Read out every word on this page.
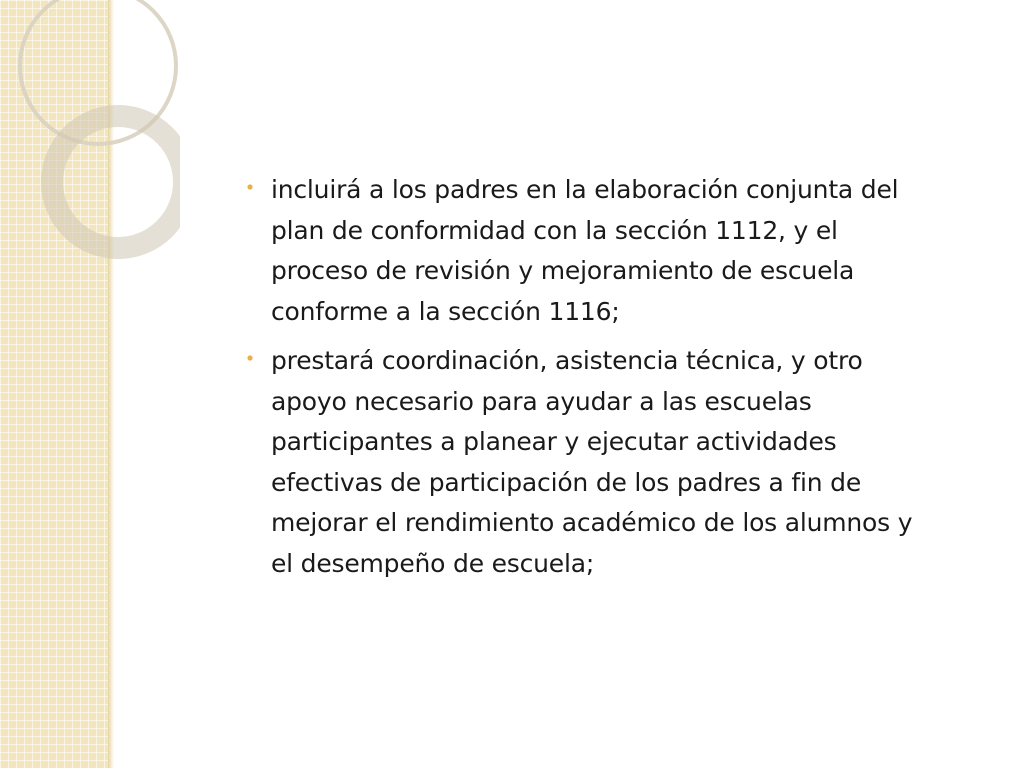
incluirá a los padres en la elaboración conjunta del
plan de conformidad con la sección 1112, y el
proceso de revisión y mejoramiento de escuela
conforme a la sección 1116;
prestará coordinación, asistencia técnica, y otro
apoyo necesario para ayudar a las escuelas
participantes a planear y ejecutar actividades
efectivas de participación de los padres a fin de
mejorar el rendimiento académico de los alumnos y
el desempeño de escuela;
